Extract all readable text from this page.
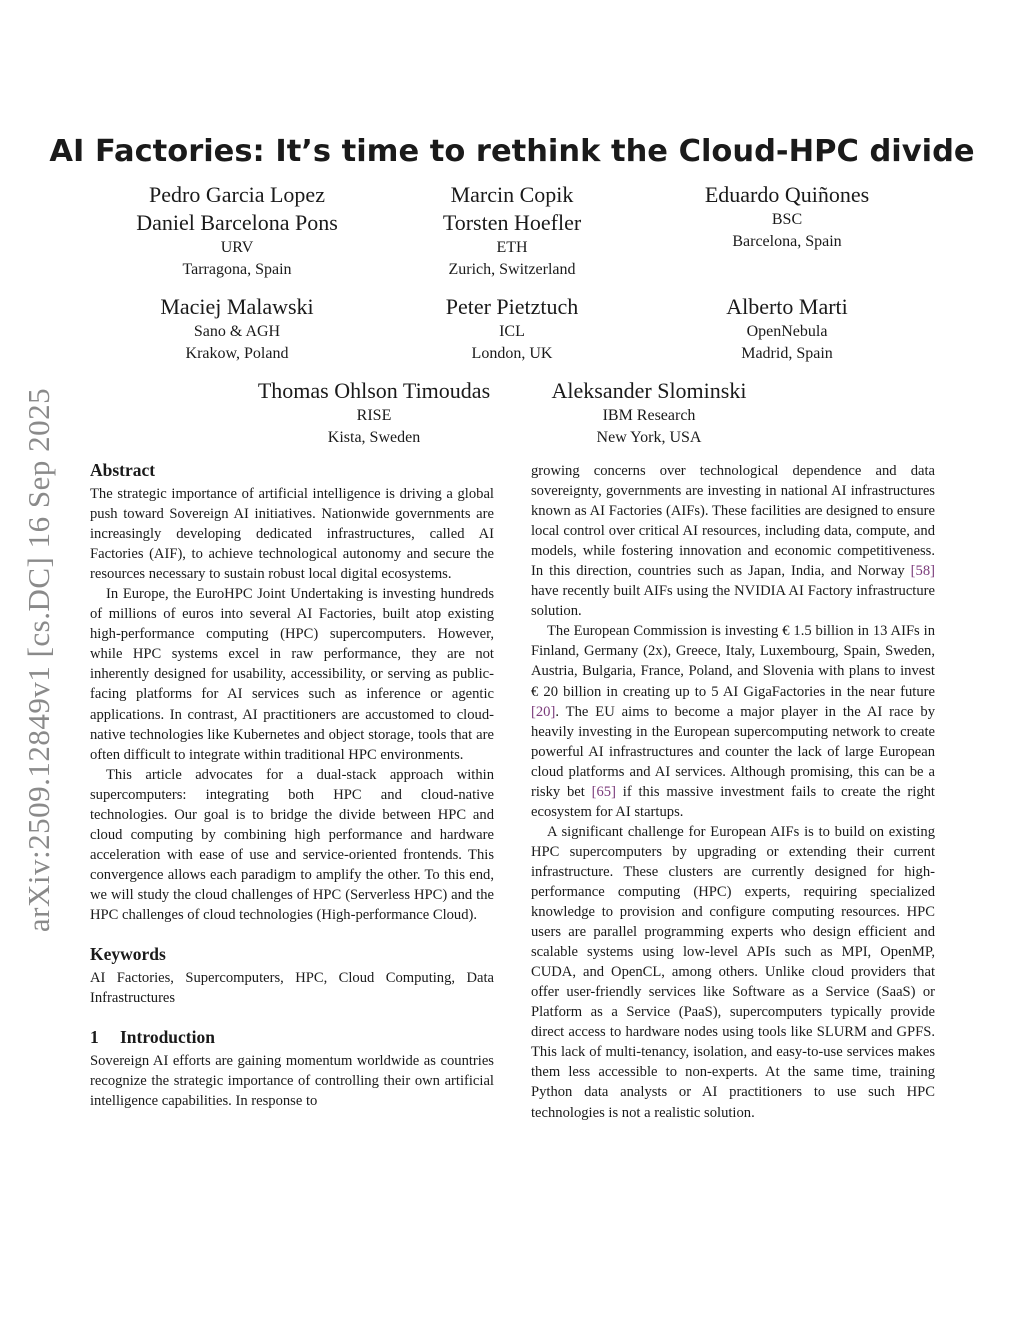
arXiv:2509.12849v1 [cs.DC] 16 Sep 2025
AI Factories: It’s time to rethink the Cloud-HPC divide
Pedro Garcia Lopez
Daniel Barcelona Pons
URV
Tarragona, Spain
Marcin Copik
Torsten Hoefler
ETH
Zurich, Switzerland
Eduardo Quiñones
BSC
Barcelona, Spain
Maciej Malawski
Sano & AGH
Krakow, Poland
Peter Pietztuch
ICL
London, UK
Alberto Marti
OpenNebula
Madrid, Spain
Thomas Ohlson Timoudas
RISE
Kista, Sweden
Aleksander Slominski
IBM Research
New York, USA
Abstract

The strategic importance of artificial intelligence is driving a global push toward Sovereign AI initiatives. Nationwide governments are increasingly developing dedicated infrastructures, called AI Factories (AIF), to achieve technological autonomy and secure the resources necessary to sustain robust local digital ecosystems.

In Europe, the EuroHPC Joint Undertaking is investing hundreds of millions of euros into several AI Factories, built atop existing high-performance computing (HPC) supercomputers. However, while HPC systems excel in raw performance, they are not inherently designed for usability, accessibility, or serving as public-facing platforms for AI services such as inference or agentic applications. In contrast, AI practitioners are accustomed to cloud-native technologies like Kubernetes and object storage, tools that are often difficult to integrate within traditional HPC environments.

This article advocates for a dual-stack approach within supercomputers: integrating both HPC and cloud-native technologies. Our goal is to bridge the divide between HPC and cloud computing by combining high performance and hardware acceleration with ease of use and service-oriented frontends. This convergence allows each paradigm to amplify the other. To this end, we will study the cloud challenges of HPC (Serverless HPC) and the HPC challenges of cloud technologies (High-performance Cloud).

Keywords

AI Factories, Supercomputers, HPC, Cloud Computing, Data Infrastructures

1 Introduction

Sovereign AI efforts are gaining momentum worldwide as countries recognize the strategic importance of controlling their own artificial intelligence capabilities. In response to

growing concerns over technological dependence and data sovereignty, governments are investing in national AI infrastructures known as AI Factories (AIFs). These facilities are designed to ensure local control over critical AI resources, including data, compute, and models, while fostering innovation and economic competitiveness. In this direction, countries such as Japan, India, and Norway [58] have recently built AIFs using the NVIDIA AI Factory infrastructure solution.

The European Commission is investing € 1.5 billion in 13 AIFs in Finland, Germany (2x), Greece, Italy, Luxembourg, Spain, Sweden, Austria, Bulgaria, France, Poland, and Slovenia with plans to invest € 20 billion in creating up to 5 AI GigaFactories in the near future [20]. The EU aims to become a major player in the AI race by heavily investing in the European supercomputing network to create powerful AI infrastructures and counter the lack of large European cloud platforms and AI services. Although promising, this can be a risky bet [65] if this massive investment fails to create the right ecosystem for AI startups.

A significant challenge for European AIFs is to build on existing HPC supercomputers by upgrading or extending their current infrastructure. These clusters are currently designed for high-performance computing (HPC) experts, requiring specialized knowledge to provision and configure computing resources. HPC users are parallel programming experts who design efficient and scalable systems using low-level APIs such as MPI, OpenMP, CUDA, and OpenCL, among others. Unlike cloud providers that offer user-friendly services like Software as a Service (SaaS) or Platform as a Service (PaaS), supercomputers typically provide direct access to hardware nodes using tools like SLURM and GPFS. This lack of multi-tenancy, isolation, and easy-to-use services makes them less accessible to non-experts. At the same time, training Python data analysts or AI practitioners to use such HPC technologies is not a realistic solution.
